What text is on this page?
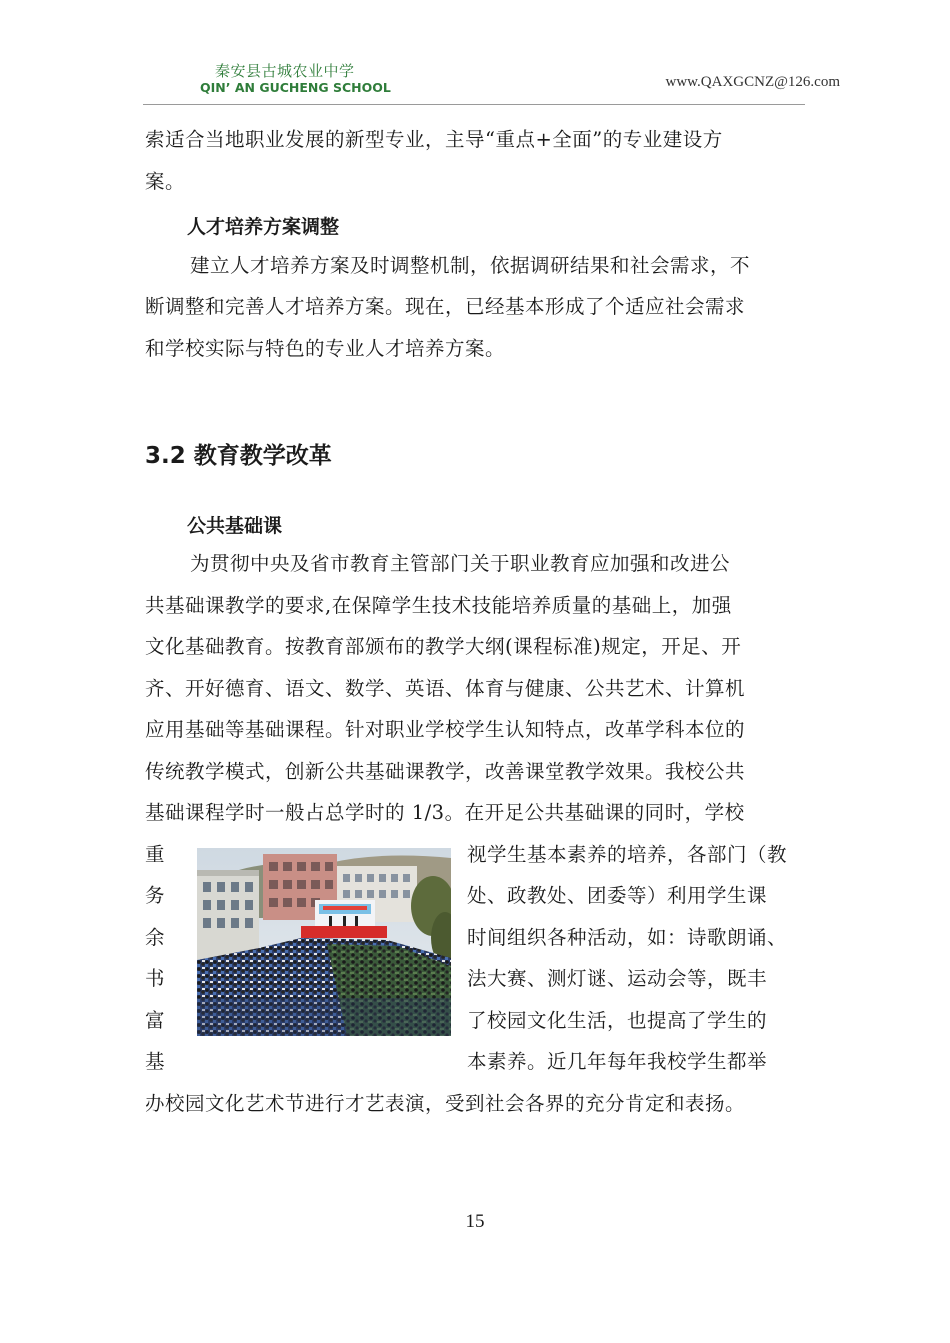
秦安县古城农业中学
QIN’ AN GUCHENG SCHOOL	www.QAXGCNZ@126.com
索适合当地职业发展的新型专业，主导“重点+全面”的专业建设方
案。
人才培养方案调整
建立人才培养方案及时调整机制，依据调研结果和社会需求，不
断调整和完善人才培养方案。现在，已经基本形成了个适应社会需求
和学校实际与特色的专业人才培养方案。
3.2 教育教学改革
公共基础课
为贯彻中央及省市教育主管部门关于职业教育应加强和改进公
共基础课教学的要求,在保障学生技术技能培养质量的基础上，加强
文化基础教育。按教育部颁布的教学大纲(课程标准)规定，开足、开
齐、开好德育、语文、数学、英语、体育与健康、公共艺术、计算机
应用基础等基础课程。针对职业学校学生认知特点，改革学科本位的
传统教学模式，创新公共基础课教学，改善课堂教学效果。我校公共
基础课程学时一般占总学时的 1/3。在开足公共基础课的同时，学校
重
务
余
书
富
基
视学生基本素养的培养，各部门（教
处、政教处、团委等）利用学生课
时间组织各种活动，如：诗歌朗诵、
法大赛、测灯谜、运动会等，既丰
了校园文化生活，也提高了学生的
本素养。近几年每年我校学生都举
办校园文化艺术节进行才艺表演，受到社会各界的充分肯定和表扬。
15
